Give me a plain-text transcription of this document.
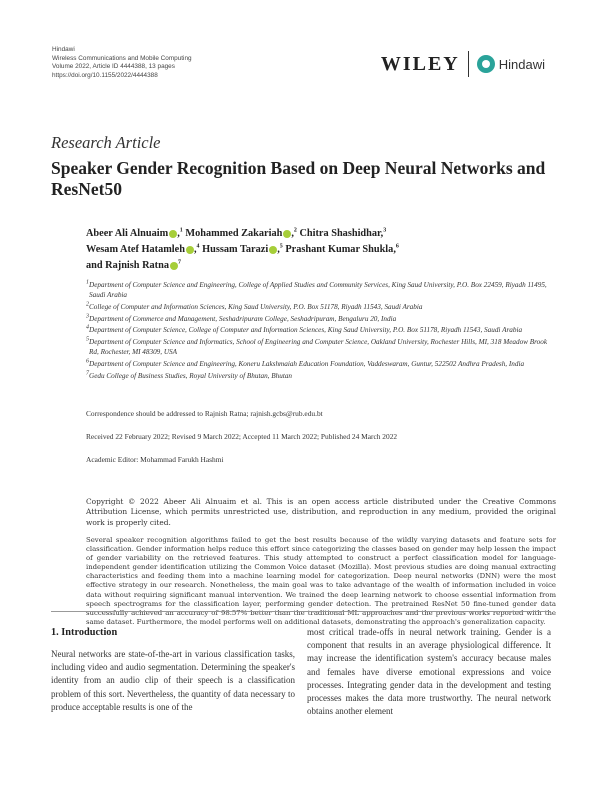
Hindawi
Wireless Communications and Mobile Computing
Volume 2022, Article ID 4444388, 13 pages
https://doi.org/10.1155/2022/4444388
WILEY	Hindawi
Research Article
Speaker Gender Recognition Based on Deep Neural Networks and ResNet50
Abeer Ali Alnuaim ,$^1$ Mohammed Zakariah ,$^2$ Chitra Shashidhar,$^3$
Wesam Atef Hatamleh ,$^4$ Hussam Tarazi ,$^5$ Prashant Kumar Shukla,$^6$
and Rajnish Ratna $^7$
$^1$Department of Computer Science and Engineering, College of Applied Studies and Community Services, King Saud University, P.O. Box 22459, Riyadh 11495, Saudi Arabia
$^2$College of Computer and Information Sciences, King Saud University, P.O. Box 51178, Riyadh 11543, Saudi Arabia
$^3$Department of Commerce and Management, Seshadripuram College, Seshadripuram, Bengaluru 20, India
$^4$Department of Computer Science, College of Computer and Information Sciences, King Saud University, P.O. Box 51178, Riyadh 11543, Saudi Arabia
$^5$Department of Computer Science and Informatics, School of Engineering and Computer Science, Oakland University, Rochester Hills, MI, 318 Meadow Brook Rd, Rochester, MI 48309, USA
$^6$Department of Computer Science and Engineering, Koneru Lakshmaiah Education Foundation, Vaddeswaram, Guntur, 522502 Andhra Pradesh, India
$^7$Gedu College of Business Studies, Royal University of Bhutan, Bhutan
Correspondence should be addressed to Rajnish Ratna; rajnish.gcbs@rub.edu.bt
Received 22 February 2022; Revised 9 March 2022; Accepted 11 March 2022; Published 24 March 2022
Academic Editor: Mohammad Farukh Hashmi
Copyright © 2022 Abeer Ali Alnuaim et al. This is an open access article distributed under the Creative Commons Attribution License, which permits unrestricted use, distribution, and reproduction in any medium, provided the original work is properly cited.
Several speaker recognition algorithms failed to get the best results because of the wildly varying datasets and feature sets for classification. Gender information helps reduce this effort since categorizing the classes based on gender may help lessen the impact of gender variability on the retrieved features. This study attempted to construct a perfect classification model for language-independent gender identification utilizing the Common Voice dataset (Mozilla). Most previous studies are doing manual extracting characteristics and feeding them into a machine learning model for categorization. Deep neural networks (DNN) were the most effective strategy in our research. Nonetheless, the main goal was to take advantage of the wealth of information included in voice data without requiring significant manual intervention. We trained the deep learning network to choose essential information from speech spectrograms for the classification layer, performing gender detection. The pretrained ResNet 50 fine-tuned gender data successfully achieved an accuracy of 98.57% better than the traditional ML approaches and the previous works reported with the same dataset. Furthermore, the model performs well on additional datasets, demonstrating the approach's generalization capacity.
1. Introduction
Neural networks are state-of-the-art in various classification tasks, including video and audio segmentation. Determining the speaker's identity from an audio clip of their speech is a classification problem of this sort. Nevertheless, the quantity of data necessary to produce acceptable results is one of the
most critical trade-offs in neural network training. Gender is a component that results in an average physiological difference. It may increase the identification system's accuracy because males and females have diverse emotional expressions and voice processes. Integrating gender data in the development and testing processes makes the data more trustworthy. The neural network obtains another element
